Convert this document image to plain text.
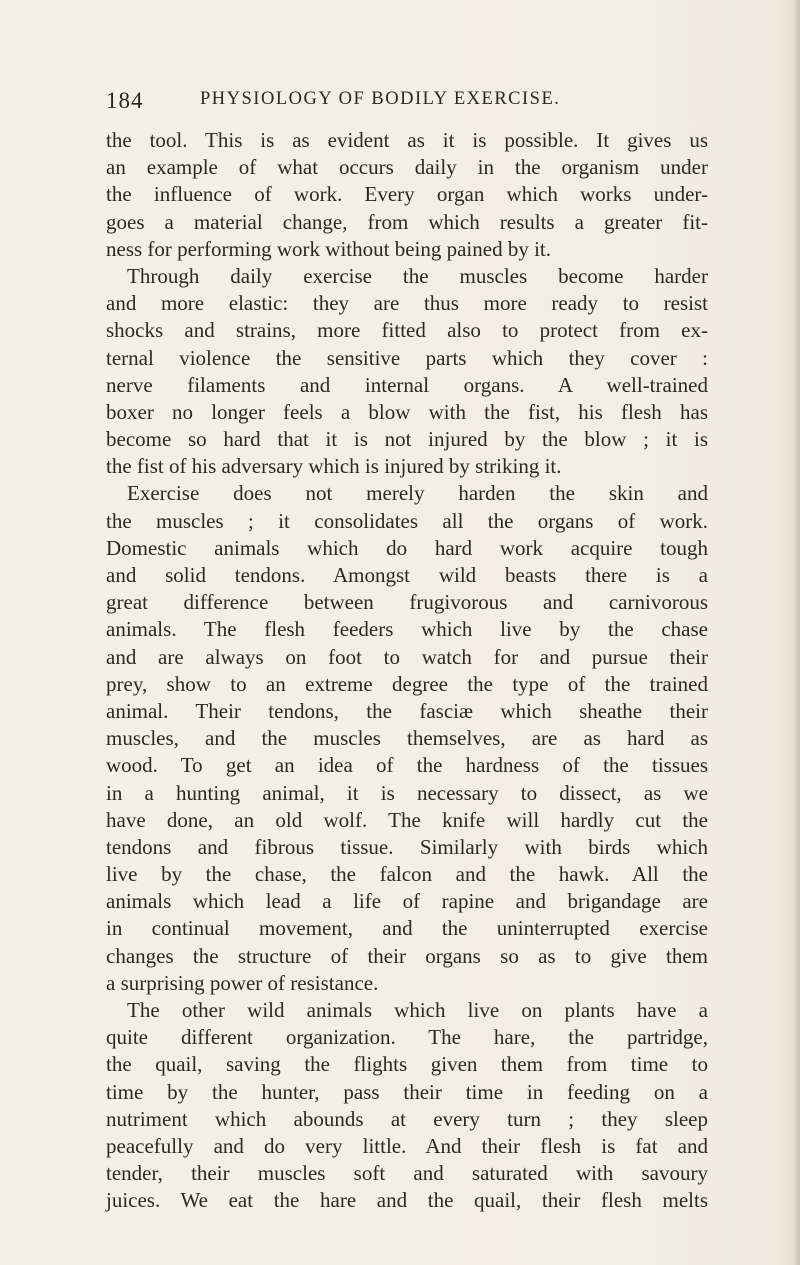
184	PHYSIOLOGY OF BODILY EXERCISE.
the tool. This is as evident as it is possible. It gives us
an example of what occurs daily in the organism under
the influence of work. Every organ which works under-
goes a material change, from which results a greater fit-
ness for performing work without being pained by it.
Through daily exercise the muscles become harder
and more elastic: they are thus more ready to resist
shocks and strains, more fitted also to protect from ex-
ternal violence the sensitive parts which they cover :
nerve filaments and internal organs. A well-trained
boxer no longer feels a blow with the fist, his flesh has
become so hard that it is not injured by the blow ; it is
the fist of his adversary which is injured by striking it.
Exercise does not merely harden the skin and
the muscles ; it consolidates all the organs of work.
Domestic animals which do hard work acquire tough
and solid tendons. Amongst wild beasts there is a
great difference between frugivorous and carnivorous
animals. The flesh feeders which live by the chase
and are always on foot to watch for and pursue their
prey, show to an extreme degree the type of the trained
animal. Their tendons, the fasciæ which sheathe their
muscles, and the muscles themselves, are as hard as
wood. To get an idea of the hardness of the tissues
in a hunting animal, it is necessary to dissect, as we
have done, an old wolf. The knife will hardly cut the
tendons and fibrous tissue. Similarly with birds which
live by the chase, the falcon and the hawk. All the
animals which lead a life of rapine and brigandage are
in continual movement, and the uninterrupted exercise
changes the structure of their organs so as to give them
a surprising power of resistance.
The other wild animals which live on plants have a
quite different organization. The hare, the partridge,
the quail, saving the flights given them from time to
time by the hunter, pass their time in feeding on a
nutriment which abounds at every turn ; they sleep
peacefully and do very little. And their flesh is fat and
tender, their muscles soft and saturated with savoury
juices. We eat the hare and the quail, their flesh melts
